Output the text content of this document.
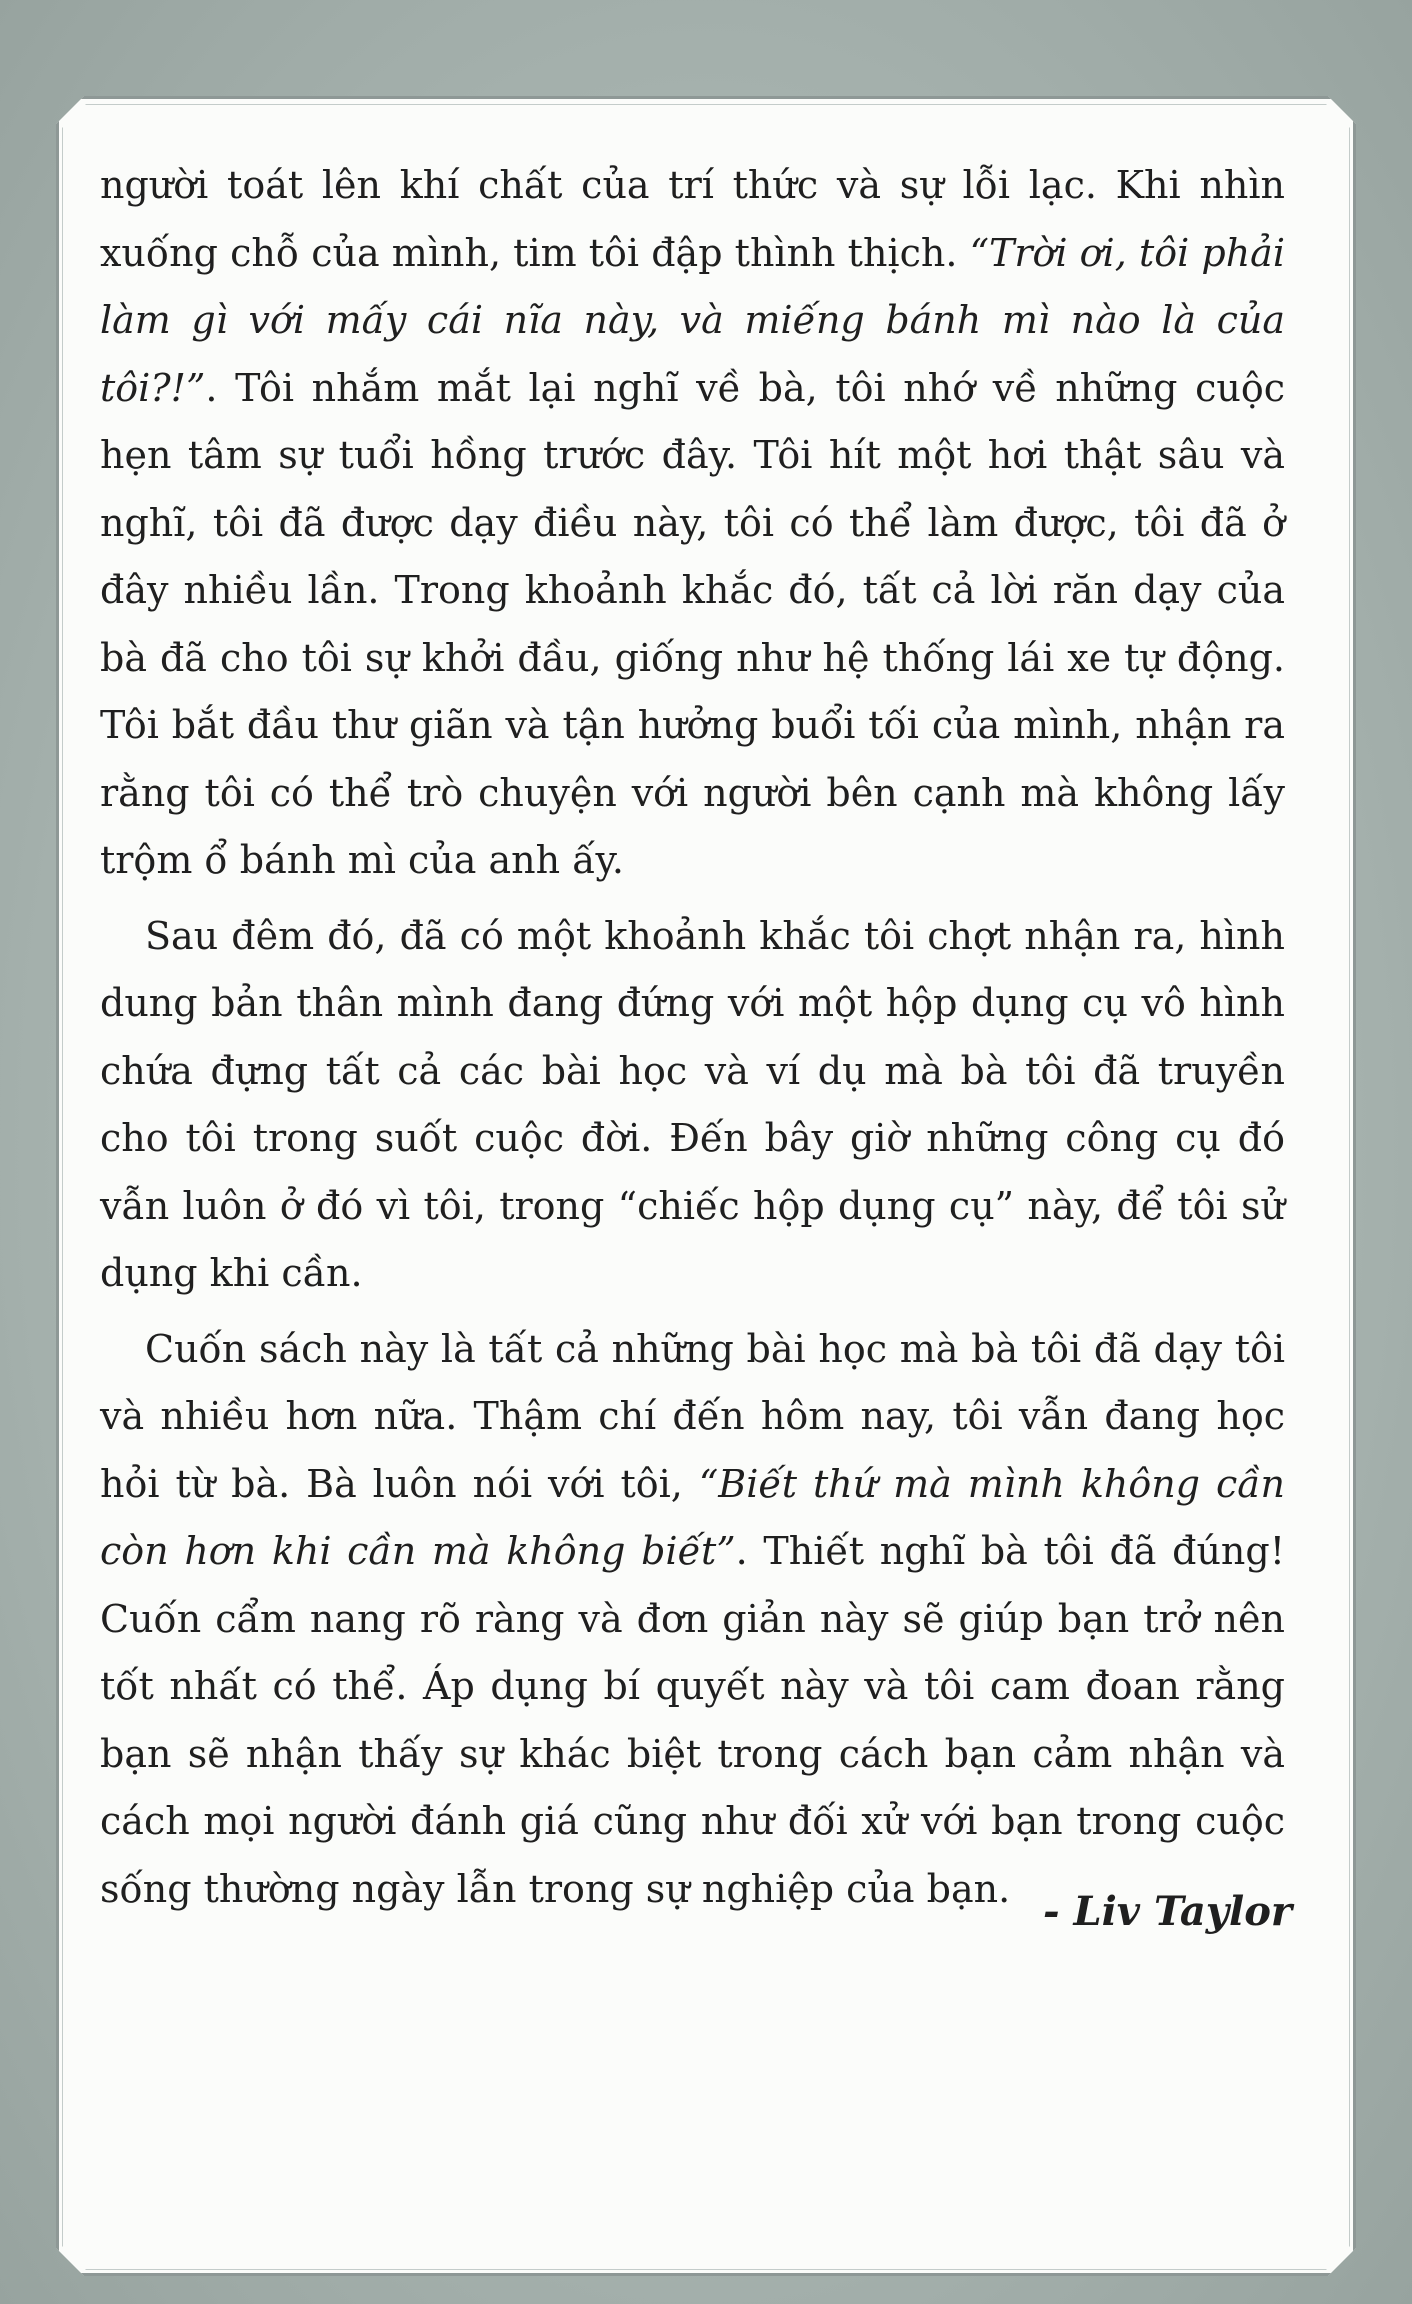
người toát lên khí chất của trí thức và sự lỗi lạc. Khi nhìn xuống chỗ của mình, tim tôi đập thình thịch. “Trời ơi, tôi phải làm gì với mấy cái nĩa này, và miếng bánh mì nào là của tôi?!”. Tôi nhắm mắt lại nghĩ về bà, tôi nhớ về những cuộc hẹn tâm sự tuổi hồng trước đây. Tôi hít một hơi thật sâu và nghĩ, tôi đã được dạy điều này, tôi có thể làm được, tôi đã ở đây nhiều lần. Trong khoảnh khắc đó, tất cả lời răn dạy của bà đã cho tôi sự khởi đầu, giống như hệ thống lái xe tự động. Tôi bắt đầu thư giãn và tận hưởng buổi tối của mình, nhận ra rằng tôi có thể trò chuyện với người bên cạnh mà không lấy trộm ổ bánh mì của anh ấy.

Sau đêm đó, đã có một khoảnh khắc tôi chợt nhận ra, hình dung bản thân mình đang đứng với một hộp dụng cụ vô hình chứa đựng tất cả các bài học và ví dụ mà bà tôi đã truyền cho tôi trong suốt cuộc đời. Đến bây giờ những công cụ đó vẫn luôn ở đó vì tôi, trong “chiếc hộp dụng cụ” này, để tôi sử dụng khi cần.

Cuốn sách này là tất cả những bài học mà bà tôi đã dạy tôi và nhiều hơn nữa. Thậm chí đến hôm nay, tôi vẫn đang học hỏi từ bà. Bà luôn nói với tôi, “Biết thứ mà mình không cần còn hơn khi cần mà không biết”. Thiết nghĩ bà tôi đã đúng! Cuốn cẩm nang rõ ràng và đơn giản này sẽ giúp bạn trở nên tốt nhất có thể. Áp dụng bí quyết này và tôi cam đoan rằng bạn sẽ nhận thấy sự khác biệt trong cách bạn cảm nhận và cách mọi người đánh giá cũng như đối xử với bạn trong cuộc sống thường ngày lẫn trong sự nghiệp của bạn. - Liv Taylor
